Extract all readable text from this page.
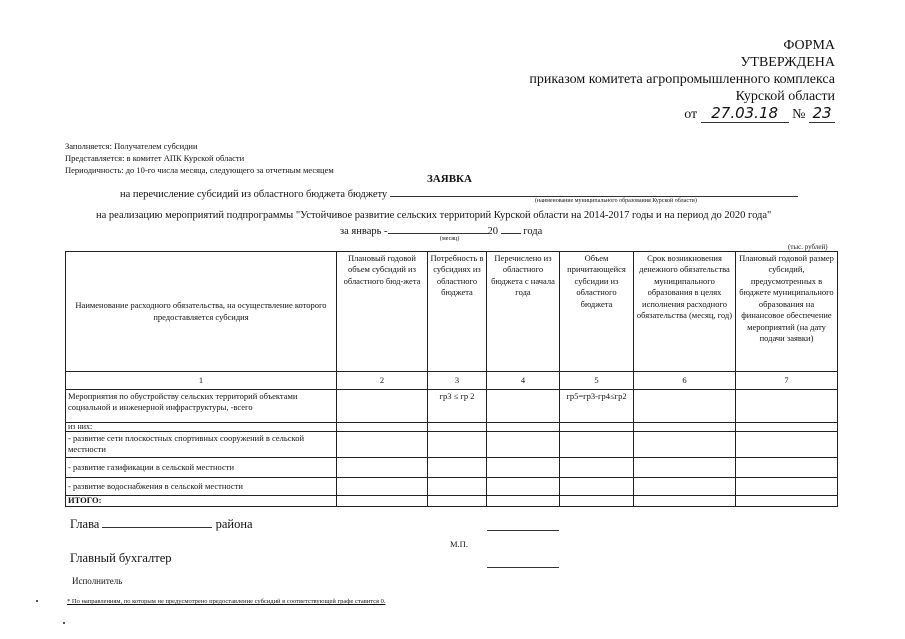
ФОРМА
УТВЕРЖДЕНА
приказом комитета агропромышленного комплекса
Курской области
от 27.03.18 № 23
Заполняется: Получателем субсидии
Представляется: в комитет АПК Курской области
Периодичность: до 10-го числа месяца, следующего за отчетным месяцем
ЗАЯВКА
на перечисление субсидий из областного бюджета бюджету
(наименование муниципального образования Курской области)
на реализацию мероприятий подпрограммы "Устойчивое развитие сельских территорий Курской области на 2014-2017 годы и на период до 2020 года"
за январь -	20 года
(месяц)
(тыс. рублей)
Наименование расходного обязательства, на осуществление которого предоставляется субсидия	Плановый годовой объем субсидий из областного бюд-жета	Потребность в субсидиях из областного бюджета	Перечислено из областного бюджета с начала года	Объем причитающейся субсидии из областного бюджета	Срок возникновения денежного обязательства муниципального образования в целях исполнения расходного обязательства (месяц, год)	Плановый годовой размер субсидий, предусмотренных в бюджете муниципального образования на финансовое обеспечение мероприятий (на дату подачи заявки)
1	2	3	4	5	6	7
Мероприятия по обустройству сельских территорий объектами социальной и инженерной инфраструктуры, -всего		гр3 ≤ гр 2		гр5=гр3-гр4≤гр2		
из них:						
- развитие сети плоскостных спортивных сооружений в сельской местности						
- развитие газификации в сельской местности						
- развитие водоснабжения в сельской местности						
ИТОГО:						
Глава	района
М.П.
Главный бухгалтер
Исполнитель
* По направлениям, по которым не предусмотрено предоставление субсидий в соответствующей графе ставится 0.
